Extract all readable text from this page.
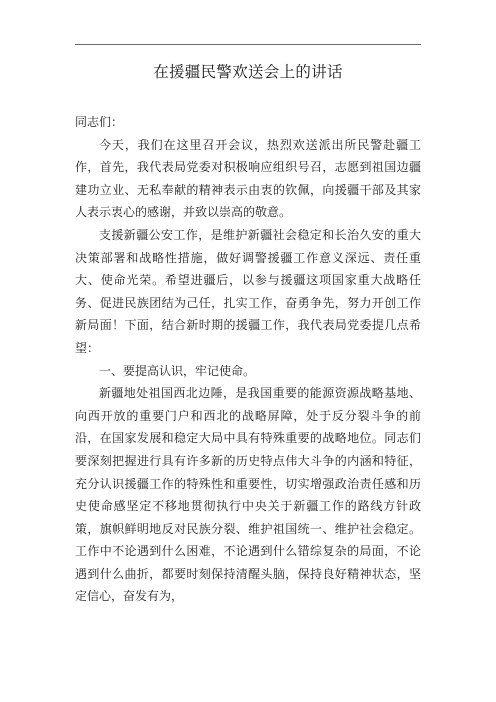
在援疆民警欢送会上的讲话

同志们：

今天，我们在这里召开会议，热烈欢送派出所民警赴疆工作，首先，我代表局党委对积极响应组织号召，志愿到祖国边疆建功立业、无私奉献的精神表示由衷的钦佩，向援疆干部及其家人表示衷心的感谢，并致以崇高的敬意。

支援新疆公安工作，是维护新疆社会稳定和长治久安的重大决策部署和战略性措施，做好调警援疆工作意义深远、责任重大、使命光荣。希望进疆后，以参与援疆这项国家重大战略任务、促进民族团结为己任，扎实工作，奋勇争先，努力开创工作新局面！下面，结合新时期的援疆工作，我代表局党委提几点希望：

一、要提高认识，牢记使命。

新疆地处祖国西北边陲，是我国重要的能源资源战略基地、向西开放的重要门户和西北的战略屏障，处于反分裂斗争的前沿，在国家发展和稳定大局中具有特殊重要的战略地位。同志们要深刻把握进行具有许多新的历史特点伟大斗争的内涵和特征，充分认识援疆工作的特殊性和重要性，切实增强政治责任感和历史使命感坚定不移地贯彻执行中央关于新疆工作的路线方针政策，旗帜鲜明地反对民族分裂、维护祖国统一、维护社会稳定。工作中不论遇到什么困难，不论遇到什么错综复杂的局面，不论遇到什么曲折，都要时刻保持清醒头脑，保持良好精神状态，坚定信心，奋发有为，
